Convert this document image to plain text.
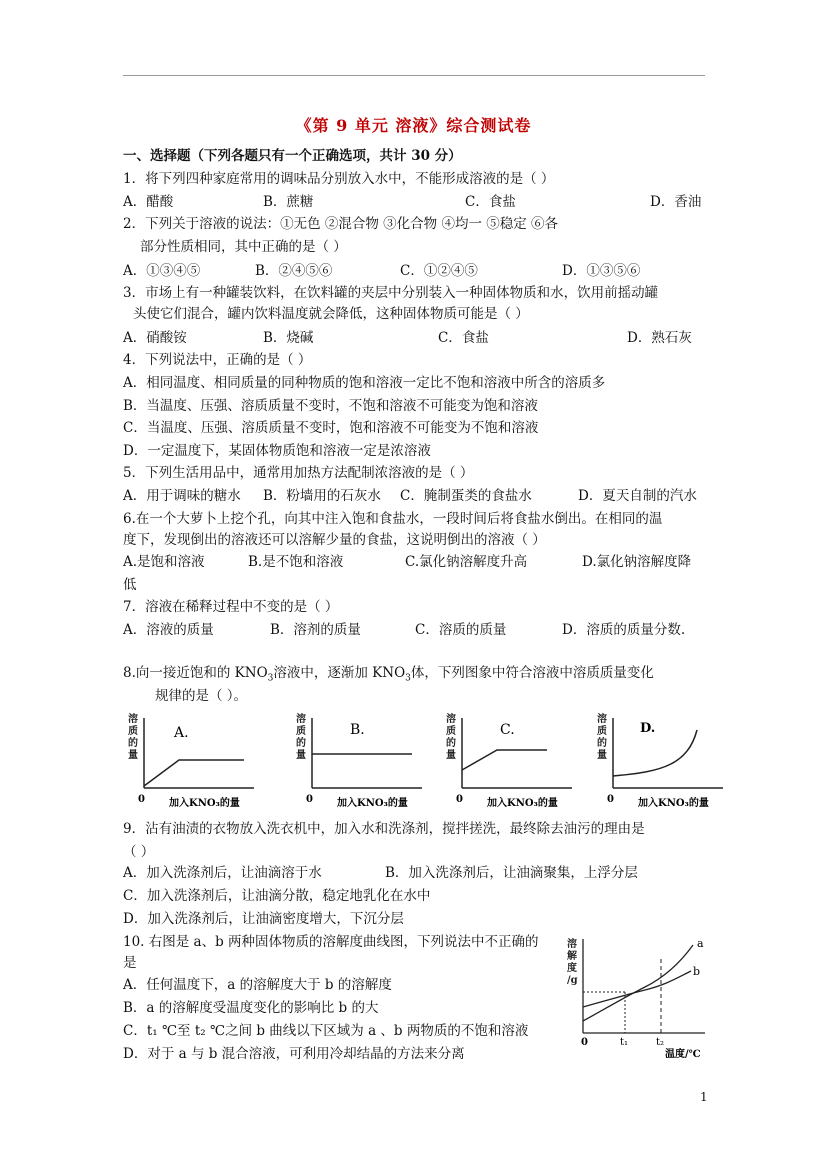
《第 9 单元 溶液》综合测试卷
一、选择题（下列各题只有一个正确选项，共计 30 分）
1．将下列四种家庭常用的调味品分别放入水中，不能形成溶液的是（ ）
A．醋酸	B．蔗糖	C．食盐	D．香油
2．下列关于溶液的说法：①无色 ②混合物 ③化合物 ④均一 ⑤稳定 ⑥各
部分性质相同，其中正确的是（ ）
A．①③④⑤	B．②④⑤⑥	C．①②④⑤	D．①③⑤⑥
3．市场上有一种罐装饮料，在饮料罐的夹层中分别装入一种固体物质和水，饮用前摇动罐
头使它们混合，罐内饮料温度就会降低，这种固体物质可能是（ ）
A．硝酸铵	B．烧碱	C．食盐	D．熟石灰
4．下列说法中，正确的是（ ）
A．相同温度、相同质量的同种物质的饱和溶液一定比不饱和溶液中所含的溶质多
B．当温度、压强、溶质质量不变时，不饱和溶液不可能变为饱和溶液
C．当温度、压强、溶质质量不变时，饱和溶液不可能变为不饱和溶液
D．一定温度下，某固体物质饱和溶液一定是浓溶液
5．下列生活用品中，通常用加热方法配制浓溶液的是（ ）
A．用于调味的糖水 B．粉墙用的石灰水 C．腌制蛋类的食盐水	D．夏天自制的汽水
6.在一个大萝卜上挖个孔，向其中注入饱和食盐水，一段时间后将食盐水倒出。在相同的温
度下，发现倒出的溶液还可以溶解少量的食盐，这说明倒出的溶液（ ）
A.是饱和溶液	B.是不饱和溶液	C.氯化钠溶解度升高	D.氯化钠溶解度降
低
7．溶液在稀释过程中不变的是（ ）
A．溶液的质量	B．溶剂的质量	C．溶质的质量	D．溶质的质量分数.
8.向一接近饱和的 $KNO_3$溶液中，逐渐加 $KNO_3$体，下列图象中符合溶液中溶质质量变化
规律的是（ ）。
溶
质
的
量
A.
0 加入KNO₃的量
溶
质
的
量
B.
0 加入KNO₃的量
溶
质
的
量
C.
0 加入KNO₃的量
溶
质
的
量
D.
0 加入KNO₃的量
9．沾有油渍的衣物放入洗衣机中，加入水和洗涤剂，搅拌搓洗，最终除去油污的理由是
（ ）
A．加入洗涤剂后，让油滴溶于水	B．加入洗涤剂后，让油滴聚集，上浮分层
C．加入洗涤剂后，让油滴分散，稳定地乳化在水中
D．加入洗涤剂后，让油滴密度增大，下沉分层
10. 右图是 a、b 两种固体物质的溶解度曲线图，下列说法中不正确的
是
A．任何温度下，a 的溶解度大于 b 的溶解度
B．a 的溶解度受温度变化的影响比 b 的大
C．t₁ ℃至 t₂ ℃之间 b 曲线以下区域为 a 、b 两物质的不饱和溶液
D．对于 a 与 b 混合溶液，可利用冷却结晶的方法来分离
溶
解
度
/g
a
b
0	t₁	t₂
温度/℃
1
